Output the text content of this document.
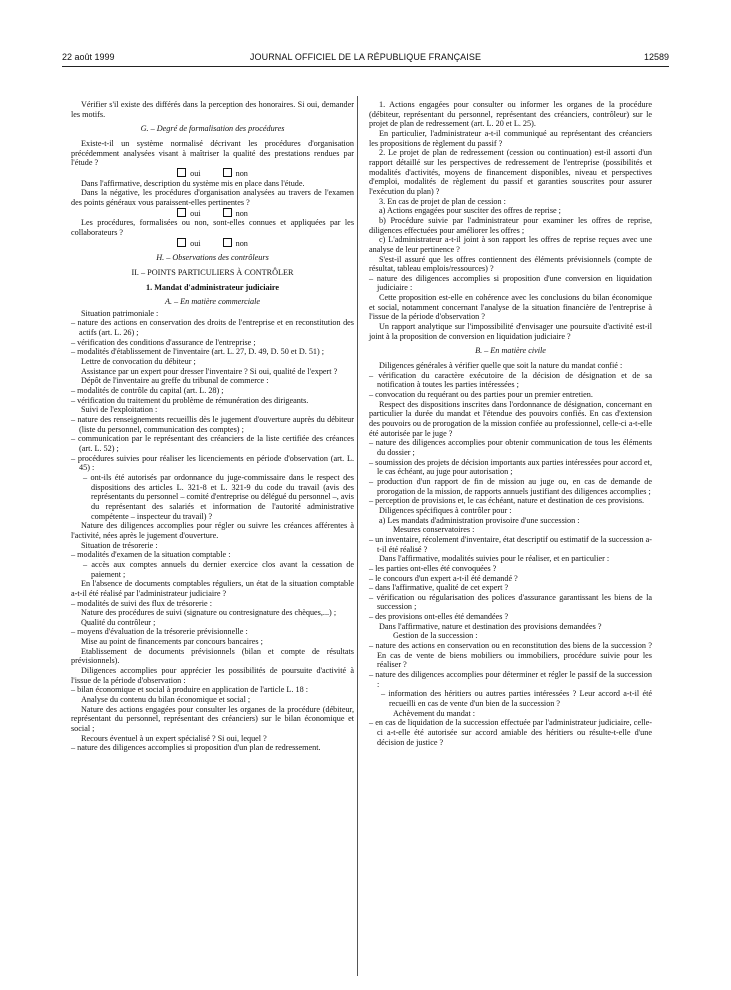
22 août 1999	JOURNAL OFFICIEL DE LA RÉPUBLIQUE FRANÇAISE	12589

Vérifier s'il existe des différés dans la perception des honoraires. Si oui, demander les motifs.

G. – Degré de formalisation des procédures

Existe-t-il un système normalisé décrivant les procédures d'organisation précédemment analysées visant à maîtriser la qualité des prestations rendues par l'étude ?

oui	non

Dans l'affirmative, description du système mis en place dans l'étude.

Dans la négative, les procédures d'organisation analysées au travers de l'examen des points généraux vous paraissent-elles pertinentes ?

oui	non

Les procédures, formalisées ou non, sont-elles connues et appliquées par les collaborateurs ?

oui	non

H. – Observations des contrôleurs

II. – POINTS PARTICULIERS À CONTRÔLER

1. Mandat d'administrateur judiciaire

A. – En matière commerciale

Situation patrimoniale :

– nature des actions en conservation des droits de l'entreprise et en reconstitution des actifs (art. L. 26) ;

– vérification des conditions d'assurance de l'entreprise ;

– modalités d'établissement de l'inventaire (art. L. 27, D. 49, D. 50 et D. 51) ;

Lettre de convocation du débiteur ;

Assistance par un expert pour dresser l'inventaire ? Si oui, qualité de l'expert ?

Dépôt de l'inventaire au greffe du tribunal de commerce :

– modalités de contrôle du capital (art. L. 28) ;

– vérification du traitement du problème de rémunération des dirigeants.

Suivi de l'exploitation :

– nature des renseignements recueillis dès le jugement d'ouverture auprès du débiteur (liste du personnel, communication des comptes) ;

– communication par le représentant des créanciers de la liste certifiée des créances (art. L. 52) ;

– procédures suivies pour réaliser les licenciements en période d'observation (art. L. 45) :

– ont-ils été autorisés par ordonnance du juge-commissaire dans le respect des dispositions des articles L. 321-8 et L. 321-9 du code du travail (avis des représentants du personnel – comité d'entreprise ou délégué du personnel –, avis du représentant des salariés et information de l'autorité administrative compétente – inspecteur du travail) ?

Nature des diligences accomplies pour régler ou suivre les créances afférentes à l'activité, nées après le jugement d'ouverture.

Situation de trésorerie :

– modalités d'examen de la situation comptable :

– accès aux comptes annuels du dernier exercice clos avant la cessation de paiement ;

En l'absence de documents comptables réguliers, un état de la situation comptable a-t-il été réalisé par l'administrateur judiciaire ?

– modalités de suivi des flux de trésorerie :

Nature des procédures de suivi (signature ou contresignature des chèques,...) ;

Qualité du contrôleur ;

– moyens d'évaluation de la trésorerie prévisionnelle :

Mise au point de financements par concours bancaires ;

Etablissement de documents prévisionnels (bilan et compte de résultats prévisionnels).

Diligences accomplies pour apprécier les possibilités de poursuite d'activité à l'issue de la période d'observation :

– bilan économique et social à produire en application de l'article L. 18 :

Analyse du contenu du bilan économique et social ;

Nature des actions engagées pour consulter les organes de la procédure (débiteur, représentant du personnel, représentant des créanciers) sur le bilan économique et social ;

Recours éventuel à un expert spécialisé ? Si oui, lequel ?

– nature des diligences accomplies si proposition d'un plan de redressement.

1. Actions engagées pour consulter ou informer les organes de la procédure (débiteur, représentant du personnel, représentant des créanciers, contrôleur) sur le projet de plan de redressement (art. L. 20 et L. 25).

En particulier, l'administrateur a-t-il communiqué au représentant des créanciers les propositions de règlement du passif ?

2. Le projet de plan de redressement (cession ou continuation) est-il assorti d'un rapport détaillé sur les perspectives de redressement de l'entreprise (possibilités et modalités d'activités, moyens de financement disponibles, niveau et perspectives d'emploi, modalités de règlement du passif et garanties souscrites pour assurer l'exécution du plan) ?

3. En cas de projet de plan de cession :

a) Actions engagées pour susciter des offres de reprise ;

b) Procédure suivie par l'administrateur pour examiner les offres de reprise, diligences effectuées pour améliorer les offres ;

c) L'administrateur a-t-il joint à son rapport les offres de reprise reçues avec une analyse de leur pertinence ?

S'est-il assuré que les offres contiennent des éléments prévisionnels (compte de résultat, tableau emplois/ressources) ?

– nature des diligences accomplies si proposition d'une conversion en liquidation judiciaire :

Cette proposition est-elle en cohérence avec les conclusions du bilan économique et social, notamment concernant l'analyse de la situation financière de l'entreprise à l'issue de la période d'observation ?

Un rapport analytique sur l'impossibilité d'envisager une poursuite d'activité est-il joint à la proposition de conversion en liquidation judiciaire ?

B. – En matière civile

Diligences générales à vérifier quelle que soit la nature du mandat confié :

– vérification du caractère exécutoire de la décision de désignation et de sa notification à toutes les parties intéressées ;

– convocation du requérant ou des parties pour un premier entretien.

Respect des dispositions inscrites dans l'ordonnance de désignation, concernant en particulier la durée du mandat et l'étendue des pouvoirs confiés. En cas d'extension des pouvoirs ou de prorogation de la mission confiée au professionnel, celle-ci a-t-elle été autorisée par le juge ?

– nature des diligences accomplies pour obtenir communication de tous les éléments du dossier ;

– soumission des projets de décision importants aux parties intéressées pour accord et, le cas échéant, au juge pour autorisation ;

– production d'un rapport de fin de mission au juge ou, en cas de demande de prorogation de la mission, de rapports annuels justifiant des diligences accomplies ;

– perception de provisions et, le cas échéant, nature et destination de ces provisions.

Diligences spécifiques à contrôler pour :

a) Les mandats d'administration provisoire d'une succession :

Mesures conservatoires :

– un inventaire, récolement d'inventaire, état descriptif ou estimatif de la succession a-t-il été réalisé ?

Dans l'affirmative, modalités suivies pour le réaliser, et en particulier :

– les parties ont-elles été convoquées ?

– le concours d'un expert a-t-il été demandé ?

– dans l'affirmative, qualité de cet expert ?

– vérification ou régularisation des polices d'assurance garantissant les biens de la succession ;

– des provisions ont-elles été demandées ?

Dans l'affirmative, nature et destination des provisions demandées ?

Gestion de la succession :

– nature des actions en conservation ou en reconstitution des biens de la succession ? En cas de vente de biens mobiliers ou immobiliers, procédure suivie pour les réaliser ?

– nature des diligences accomplies pour déterminer et régler le passif de la succession :

– information des héritiers ou autres parties intéressées ? Leur accord a-t-il été recueilli en cas de vente d'un bien de la succession ?

Achèvement du mandat :

– en cas de liquidation de la succession effectuée par l'administrateur judiciaire, celle-ci a-t-elle été autorisée sur accord amiable des héritiers ou résulte-t-elle d'une décision de justice ?
